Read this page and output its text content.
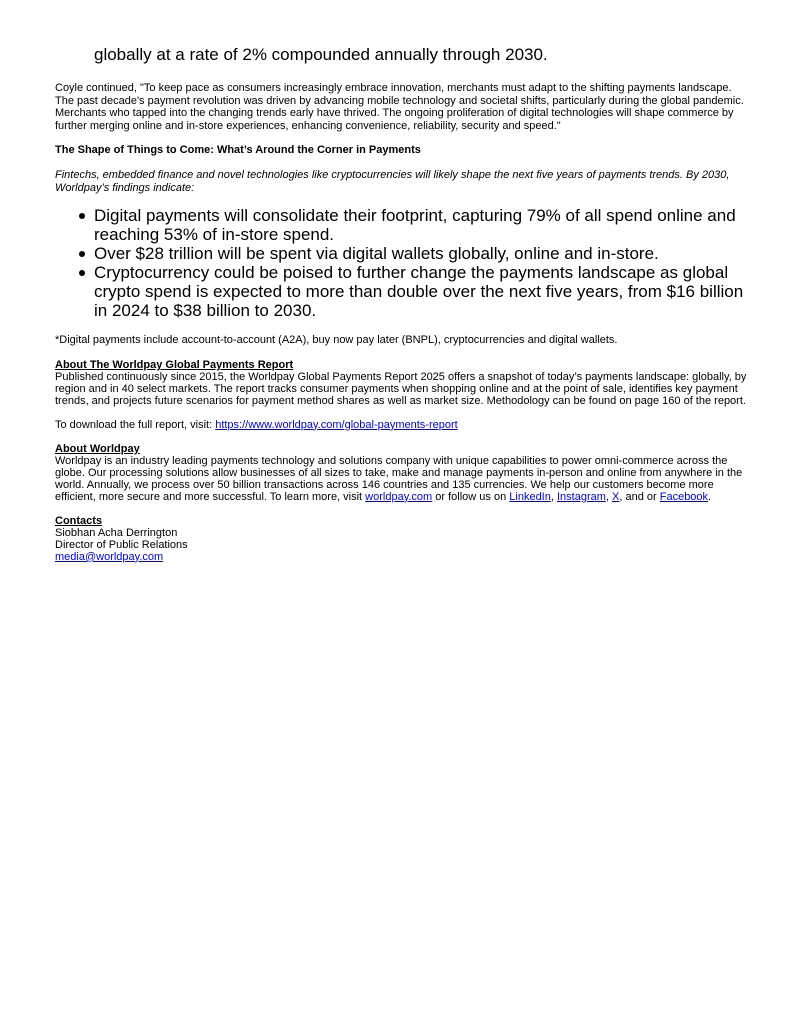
globally at a rate of 2% compounded annually through 2030.

Coyle continued, "To keep pace as consumers increasingly embrace innovation, merchants must adapt to the shifting payments landscape. The past decade's payment revolution was driven by advancing mobile technology and societal shifts, particularly during the global pandemic. Merchants who tapped into the changing trends early have thrived. The ongoing proliferation of digital technologies will shape commerce by further merging online and in-store experiences, enhancing convenience, reliability, security and speed."

The Shape of Things to Come: What’s Around the Corner in Payments

Fintechs, embedded finance and novel technologies like cryptocurrencies will likely shape the next five years of payments trends. By 2030, Worldpay’s findings indicate:

Digital payments will consolidate their footprint, capturing 79% of all spend online and reaching 53% of in-store spend.
Over $28 trillion will be spent via digital wallets globally, online and in-store.
Cryptocurrency could be poised to further change the payments landscape as global crypto spend is expected to more than double over the next five years, from $16 billion in 2024 to $38 billion to 2030.

*Digital payments include account-to-account (A2A), buy now pay later (BNPL), cryptocurrencies and digital wallets.

About The Worldpay Global Payments Report

Published continuously since 2015, the Worldpay Global Payments Report 2025 offers a snapshot of today’s payments landscape: globally, by region and in 40 select markets. The report tracks consumer payments when shopping online and at the point of sale, identifies key payment trends, and projects future scenarios for payment method shares as well as market size. Methodology can be found on page 160 of the report.

To download the full report, visit: https://www.worldpay.com/global-payments-report

About Worldpay

Worldpay is an industry leading payments technology and solutions company with unique capabilities to power omni-commerce across the globe. Our processing solutions allow businesses of all sizes to take, make and manage payments in-person and online from anywhere in the world. Annually, we process over 50 billion transactions across 146 countries and 135 currencies. We help our customers become more efficient, more secure and more successful. To learn more, visit worldpay.com or follow us on LinkedIn, Instagram, X, and or Facebook.

Contacts

Siobhan Acha Derrington

Director of Public Relations

media@worldpay.com
